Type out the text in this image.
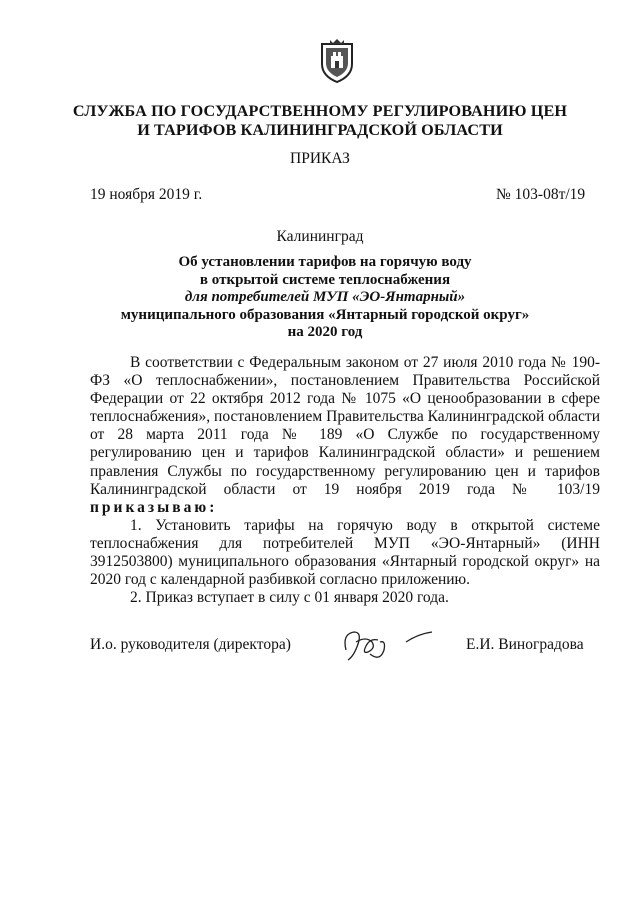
СЛУЖБА ПО ГОСУДАРСТВЕННОМУ РЕГУЛИРОВАНИЮ ЦЕН
И ТАРИФОВ КАЛИНИНГРАДСКОЙ ОБЛАСТИ
ПРИКАЗ
19 ноября 2019 г.	№ 103-08т/19
Калининград
Об установлении тарифов на горячую воду
в открытой системе теплоснабжения
для потребителей МУП «ЭО-Янтарный»
муниципального образования «Янтарный городской округ»
на 2020 год

В соответствии с Федеральным законом от 27 июля 2010 года № 190-ФЗ «О теплоснабжении», постановлением Правительства Российской Федерации от 22 октября 2012 года № 1075 «О ценообразовании в сфере теплоснабжения», постановлением Правительства Калининградской области от 28 марта 2011 года № 189 «О Службе по государственному регулированию цен и тарифов Калининградской области» и решением правления Службы по государственному регулированию цен и тарифов Калининградской области от 19 ноября 2019 года № 103/19 приказываю:

1. Установить тарифы на горячую воду в открытой системе теплоснабжения для потребителей МУП «ЭО-Янтарный» (ИНН 3912503800) муниципального образования «Янтарный городской округ» на 2020 год с календарной разбивкой согласно приложению.

2. Приказ вступает в силу с 01 января 2020 года.

И.о. руководителя (директора)	Е.И. Виноградова
